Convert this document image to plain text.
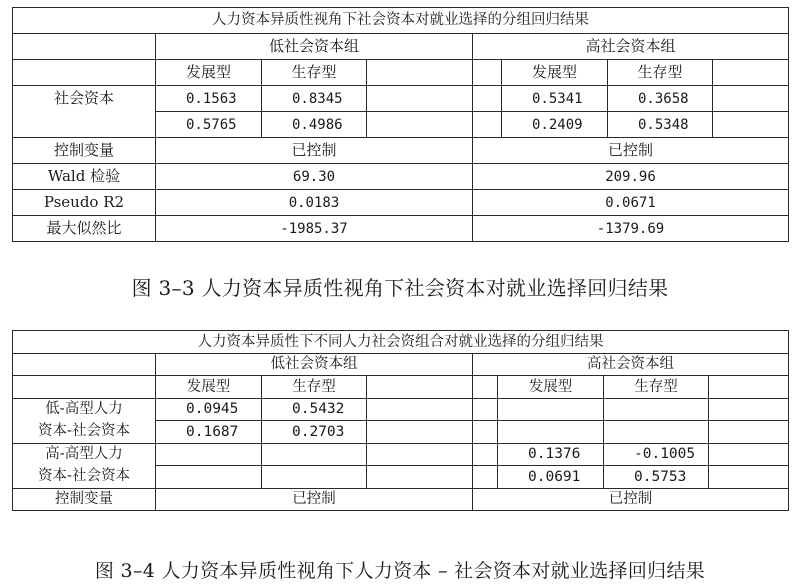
人力资本异质性视角下社会资本对就业选择的分组回归结果							
	低社会资本组			高社会资本组			
	发展型	生存型			发展型	生存型	
社会资本	0.1563	0.8345			0.5341	0.3658	
	0.5765	0.4986			0.2409	0.5348	
控制变量	已控制			已控制			
Wald 检验	69.30			209.96			
Pseudo R2	0.0183			0.0671			
最大似然比	-1985.37			-1379.69			
图 3–3 人力资本异质性视角下社会资本对就业选择回归结果
人力资本异质性下不同人力社会资组合对就业选择的分组归结果							
	低社会资本组			高社会资本组			
	发展型	生存型			发展型	生存型	
低-高型人力	0.0945	0.5432					
资本-社会资本	0.1687	0.2703					
高-高型人力					0.1376	-0.1005	
资本-社会资本					0.0691	0.5753	
控制变量	已控制			已控制			
图 3–4 人力资本异质性视角下人力资本 – 社会资本对就业选择回归结果
